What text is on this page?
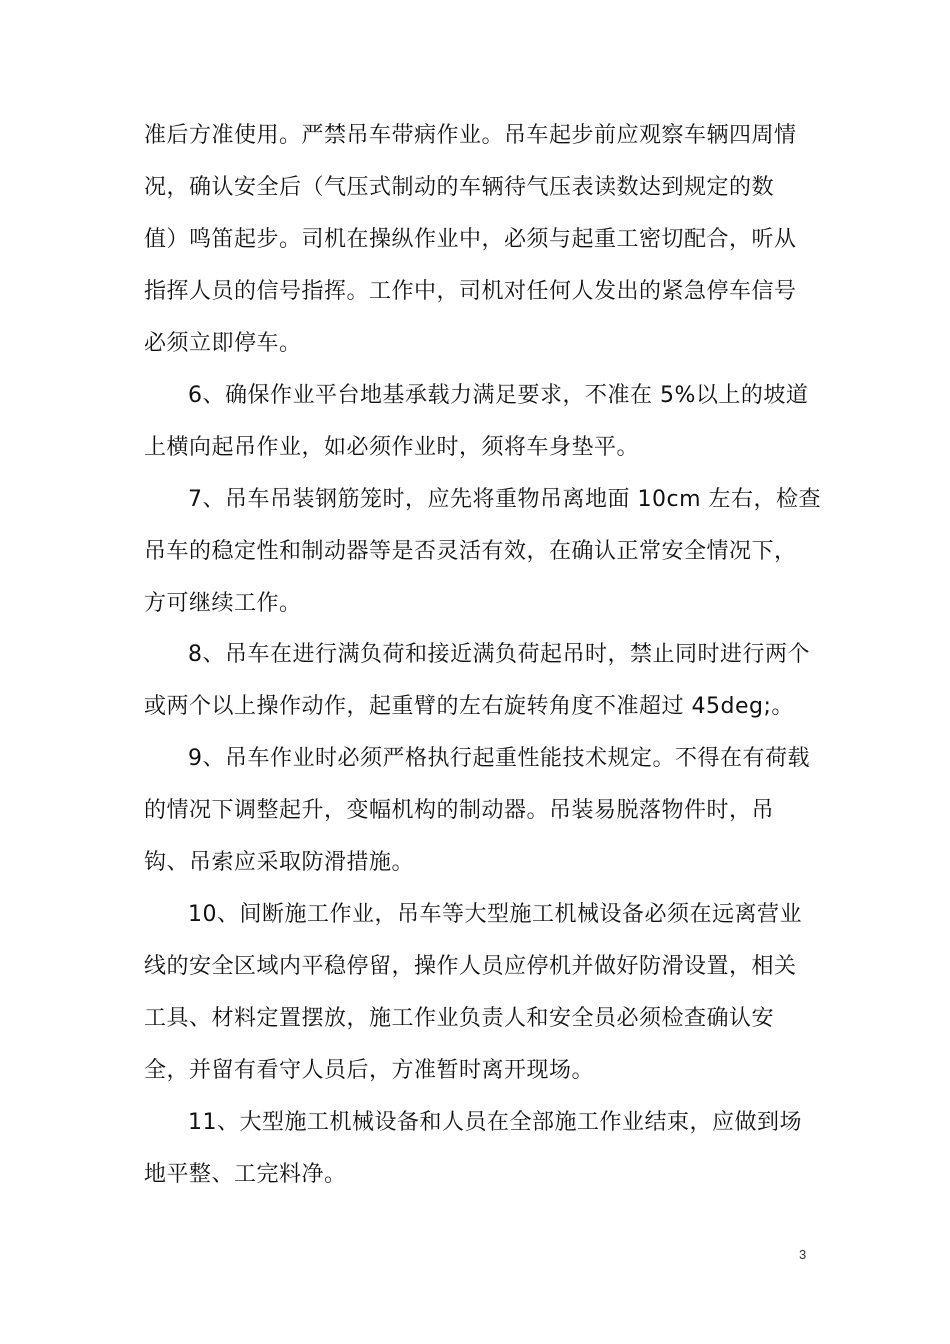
准后方准使用。严禁吊车带病作业。吊车起步前应观察车辆四周情
况，确认安全后（气压式制动的车辆待气压表读数达到规定的数
值）鸣笛起步。司机在操纵作业中，必须与起重工密切配合，听从
指挥人员的信号指挥。工作中，司机对任何人发出的紧急停车信号
必须立即停车。
6、确保作业平台地基承载力满足要求，不准在 5%以上的坡道
上横向起吊作业，如必须作业时，须将车身垫平。
7、吊车吊装钢筋笼时，应先将重物吊离地面 10cm 左右，检查
吊车的稳定性和制动器等是否灵活有效，在确认正常安全情况下，
方可继续工作。
8、吊车在进行满负荷和接近满负荷起吊时，禁止同时进行两个
或两个以上操作动作，起重臂的左右旋转角度不准超过 45deg;。
9、吊车作业时必须严格执行起重性能技术规定。不得在有荷载
的情况下调整起升，变幅机构的制动器。吊装易脱落物件时，吊
钩、吊索应采取防滑措施。
10、间断施工作业，吊车等大型施工机械设备必须在远离营业
线的安全区域内平稳停留，操作人员应停机并做好防滑设置，相关
工具、材料定置摆放，施工作业负责人和安全员必须检查确认安
全，并留有看守人员后，方准暂时离开现场。
11、大型施工机械设备和人员在全部施工作业结束，应做到场
地平整、工完料净。
3
